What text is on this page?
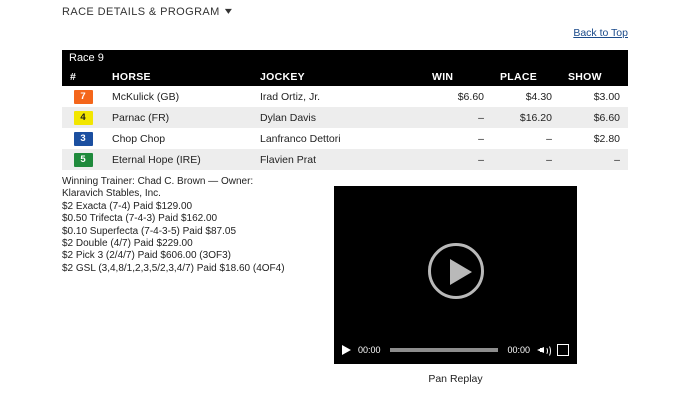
RACE DETAILS & PROGRAM ▾
Back to Top
Race 9
#	HORSE	JOCKEY	WIN	PLACE	SHOW
7	McKulick (GB)	Irad Ortiz, Jr.	$6.60	$4.30	$3.00
4	Parnac (FR)	Dylan Davis	–	$16.20	$6.60
3	Chop Chop	Lanfranco Dettori	–	–	$2.80
5	Eternal Hope (IRE)	Flavien Prat	–	–	–

Winning Trainer: Chad C. Brown — Owner:

Klaravich Stables, Inc.

$2 Exacta (7-4) Paid $129.00
$0.50 Trifecta (7-4-3) Paid $162.00
$0.10 Superfecta (7-4-3-5) Paid $87.05
$2 Double (4/7) Paid $229.00
$2 Pick 3 (2/4/7) Paid $606.00 (3OF3)
$2 GSL (3,4,8/1,2,3,5/2,3,4/7) Paid $18.60 (4OF4)
00:00	00:00
Pan Replay
